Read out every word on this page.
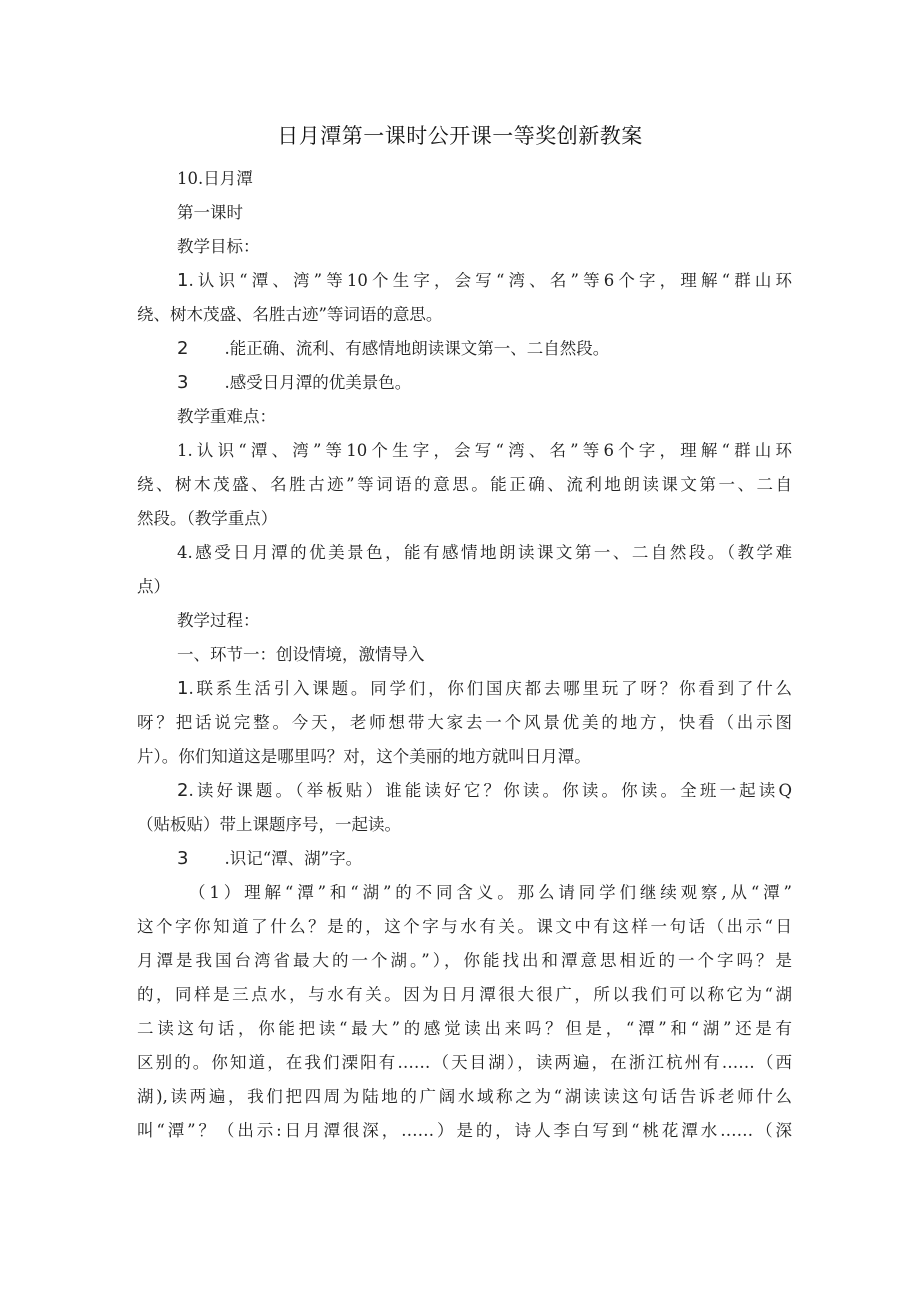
日月潭第一课时公开课一等奖创新教案
10.日月潭
第一课时
教学目标：
1.认识“潭、湾”等10个生字，会写“湾、名”等6个字，理解“群山环
绕、树木茂盛、名胜古迹”等词语的意思。
2 .能正确、流利、有感情地朗读课文第一、二自然段。
3 .感受日月潭的优美景色。
教学重难点：
1.认识“潭、湾”等10个生字，会写“湾、名”等6个字，理解“群山环
绕、树木茂盛、名胜古迹”等词语的意思。能正确、流利地朗读课文第一、二自
然段。（教学重点）
4.感受日月潭的优美景色，能有感情地朗读课文第一、二自然段。（教学难
点）
教学过程：
一、环节一：创设情境，激情导入
1.联系生活引入课题。同学们，你们国庆都去哪里玩了呀？你看到了什么
呀？把话说完整。今天，老师想带大家去一个风景优美的地方，快看（出示图
片）。你们知道这是哪里吗？对，这个美丽的地方就叫日月潭。
2.读好课题。（举板贴）谁能读好它？你读。你读。你读。全班一起读Q
（贴板贴）带上课题序号，一起读。
3 .识记“潭、湖”字。
（1）理解“潭”和“湖”的不同含义。那么请同学们继续观察,从“潭”
这个字你知道了什么？是的，这个字与水有关。课文中有这样一句话（出示“日
月潭是我国台湾省最大的一个湖。”），你能找出和潭意思相近的一个字吗？是
的，同样是三点水，与水有关。因为日月潭很大很广，所以我们可以称它为“湖
二读这句话，你能把读“最大”的感觉读出来吗？但是，“潭”和“湖”还是有
区别的。你知道，在我们溧阳有……（天目湖），读两遍，在浙江杭州有……（西
湖),读两遍，我们把四周为陆地的广阔水域称之为“湖读读这句话告诉老师什么
叫“潭”？（出示:日月潭很深，……）是的，诗人李白写到“桃花潭水……（深
